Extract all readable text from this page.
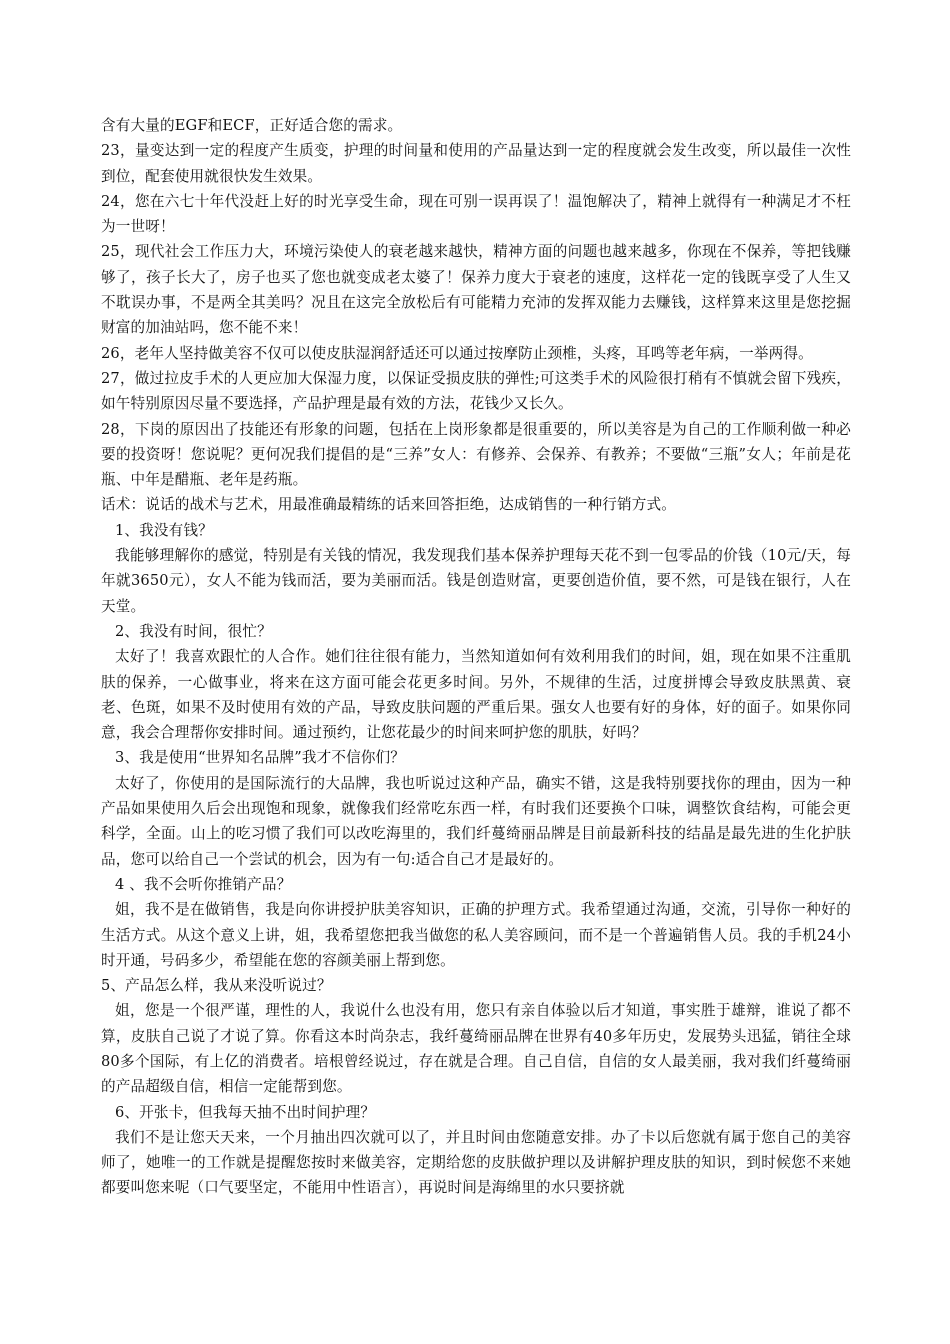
含有大量的EGF和ECF，正好适合您的需求。

23，量变达到一定的程度产生质变，护理的时间量和使用的产品量达到一定的程度就会发生改变，所以最佳一次性到位，配套使用就很快发生效果。

24，您在六七十年代没赶上好的时光享受生命，现在可别一误再误了！温饱解决了，精神上就得有一种满足才不枉为一世呀！

25，现代社会工作压力大，环境污染使人的衰老越来越快，精神方面的问题也越来越多，你现在不保养，等把钱赚够了，孩子长大了，房子也买了您也就变成老太婆了！保养力度大于衰老的速度，这样花一定的钱既享受了人生又不耽误办事，不是两全其美吗？况且在这完全放松后有可能精力充沛的发挥双能力去赚钱，这样算来这里是您挖掘财富的加油站吗，您不能不来！

26，老年人坚持做美容不仅可以使皮肤湿润舒适还可以通过按摩防止颈椎，头疼，耳鸣等老年病，一举两得。

27，做过拉皮手术的人更应加大保湿力度，以保证受损皮肤的弹性;可这类手术的风险很打稍有不慎就会留下残疾，如午特别原因尽量不要选择，产品护理是最有效的方法，花钱少又长久。

28，下岗的原因出了技能还有形象的问题，包括在上岗形象都是很重要的，所以美容是为自己的工作顺利做一种必要的投资呀！您说呢？更何况我们提倡的是“三养”女人：有修养、会保养、有教养；不要做“三瓶”女人；年前是花瓶、中年是醋瓶、老年是药瓶。

话术：说话的战术与艺术，用最准确最精练的话来回答拒绝，达成销售的一种行销方式。

1、我没有钱？

我能够理解你的感觉，特别是有关钱的情况，我发现我们基本保养护理每天花不到一包零品的价钱（10元/天，每年就3650元），女人不能为钱而活，要为美丽而活。钱是创造财富，更要创造价值，要不然，可是钱在银行，人在天堂。

2、我没有时间，很忙？

太好了！我喜欢跟忙的人合作。她们往往很有能力，当然知道如何有效利用我们的时间，姐，现在如果不注重肌肤的保养，一心做事业，将来在这方面可能会花更多时间。另外，不规律的生活，过度拼博会导致皮肤黑黄、衰老、色斑，如果不及时使用有效的产品，导致皮肤问题的严重后果。强女人也要有好的身体，好的面子。如果你同意，我会合理帮你安排时间。通过预约，让您花最少的时间来呵护您的肌肤，好吗？

3、我是使用“世界知名品牌”我才不信你们？

太好了，你使用的是国际流行的大品牌，我也听说过这种产品，确实不错，这是我特别要找你的理由，因为一种产品如果使用久后会出现饱和现象，就像我们经常吃东西一样，有时我们还要换个口味，调整饮食结构，可能会更科学，全面。山上的吃习惯了我们可以改吃海里的，我们纤蔓绮丽品牌是目前最新科技的结晶是最先进的生化护肤品，您可以给自己一个尝试的机会，因为有一句:适合自己才是最好的。

4 、我不会听你推销产品？

姐，我不是在做销售，我是向你讲授护肤美容知识，正确的护理方式。我希望通过沟通，交流，引导你一种好的生活方式。从这个意义上讲，姐，我希望您把我当做您的私人美容顾问，而不是一个普遍销售人员。我的手机24小时开通，号码多少，希望能在您的容颜美丽上帮到您。

5、产品怎么样，我从来没听说过？

姐，您是一个很严谨，理性的人，我说什么也没有用，您只有亲自体验以后才知道，事实胜于雄辩，谁说了都不算，皮肤自己说了才说了算。你看这本时尚杂志，我纤蔓绮丽品牌在世界有40多年历史，发展势头迅猛，销往全球80多个国际，有上亿的消费者。培根曾经说过，存在就是合理。自己自信，自信的女人最美丽，我对我们纤蔓绮丽的产品超级自信，相信一定能帮到您。

6、开张卡，但我每天抽不出时间护理？

我们不是让您天天来，一个月抽出四次就可以了，并且时间由您随意安排。办了卡以后您就有属于您自己的美容师了，她唯一的工作就是提醒您按时来做美容，定期给您的皮肤做护理以及讲解护理皮肤的知识，到时候您不来她都要叫您来呢（口气要坚定，不能用中性语言），再说时间是海绵里的水只要挤就
